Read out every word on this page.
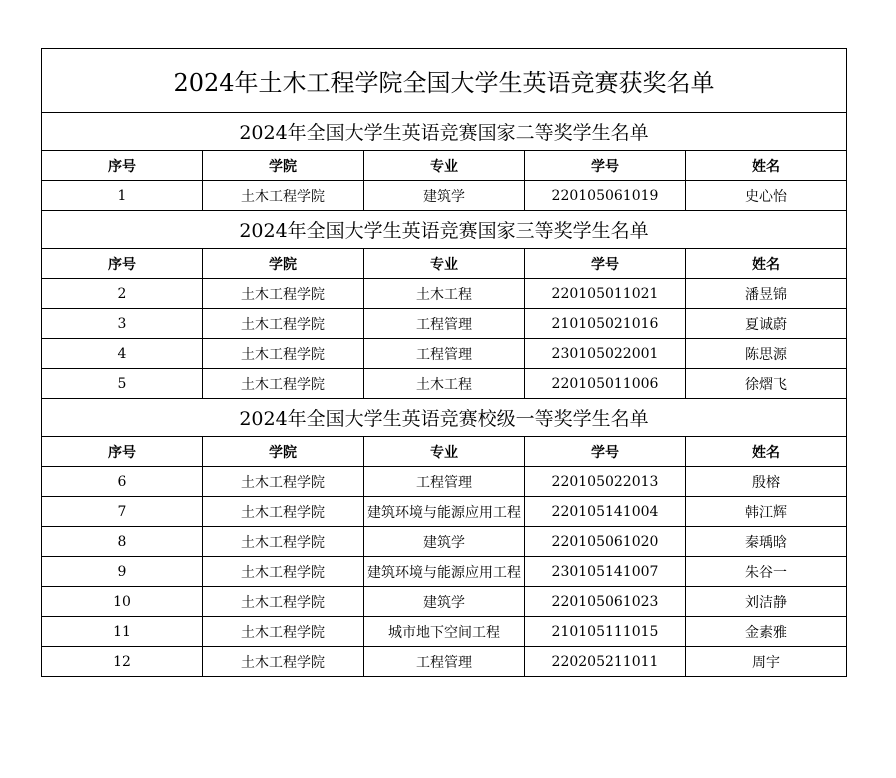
2024年土木工程学院全国大学生英语竞赛获奖名单				
2024年全国大学生英语竞赛国家二等奖学生名单				
序号	学院	专业	学号	姓名
1	土木工程学院	建筑学	220105061019	史心怡
2024年全国大学生英语竞赛国家三等奖学生名单				
序号	学院	专业	学号	姓名
2	土木工程学院	土木工程	220105011021	潘昱锦
3	土木工程学院	工程管理	210105021016	夏诚蔚
4	土木工程学院	工程管理	230105022001	陈思源
5	土木工程学院	土木工程	220105011006	徐熠飞
2024年全国大学生英语竞赛校级一等奖学生名单				
序号	学院	专业	学号	姓名
6	土木工程学院	工程管理	220105022013	殷榕
7	土木工程学院	建筑环境与能源应用工程	220105141004	韩江辉
8	土木工程学院	建筑学	220105061020	秦瑀晗
9	土木工程学院	建筑环境与能源应用工程	230105141007	朱谷一
10	土木工程学院	建筑学	220105061023	刘洁静
11	土木工程学院	城市地下空间工程	210105111015	金素雅
12	土木工程学院	工程管理	220205211011	周宇
